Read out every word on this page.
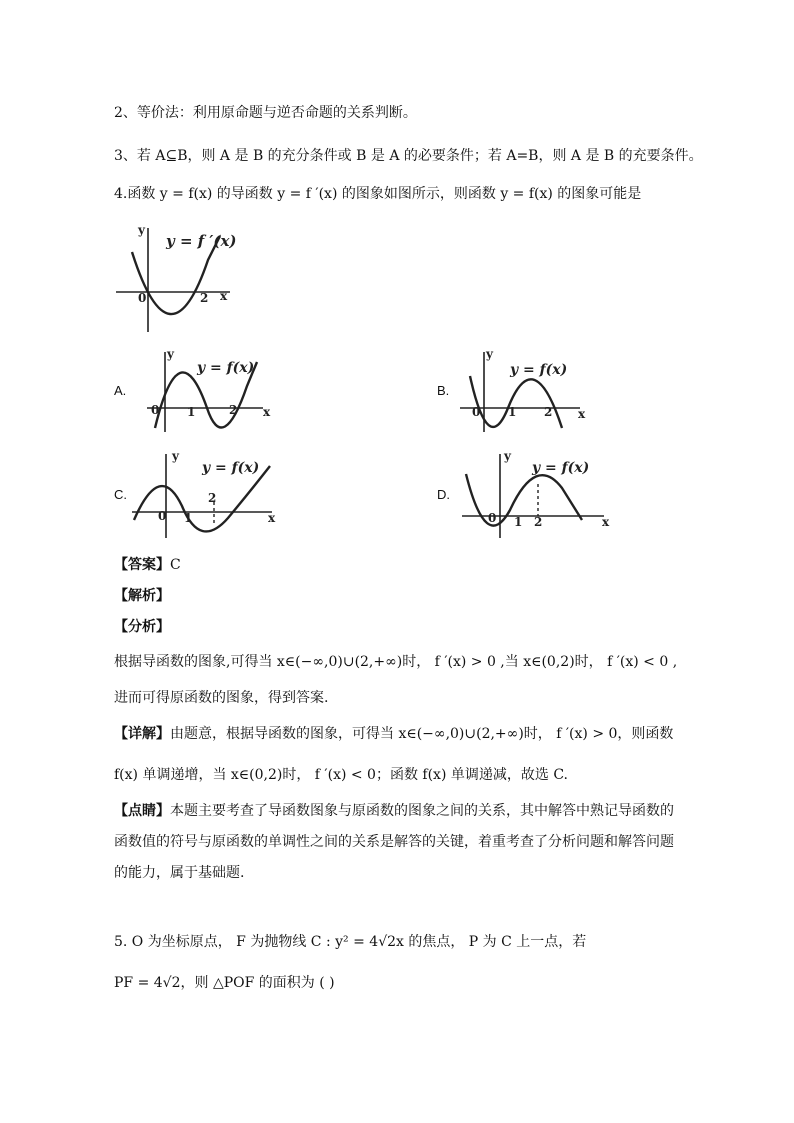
2、等价法：利用原命题与逆否命题的关系判断。
3、若 A⊆B，则 A 是 B 的充分条件或 B 是 A 的必要条件；若 A=B，则 A 是 B 的充要条件。
4.函数 y = f(x) 的导函数 y = f ′(x) 的图象如图所示，则函数 y = f(x) 的图象可能是
y
x
0	2
y = f ′(x)
A.
y
x
0 1	2
y = f(x)
B.
y
x
0 1 2
y = f(x)
C.
y
x
0 1
2
y = f(x)
D.
y
x
0 1 2
y = f(x)
【答案】C
【解析】
【分析】
根据导函数的图象,可得当 x∈(−∞,0)∪(2,+∞)时， f ′(x) > 0 ,当 x∈(0,2)时， f ′(x) < 0 ,
进而可得原函数的图象，得到答案.
【详解】由题意，根据导函数的图象，可得当 x∈(−∞,0)∪(2,+∞)时， f ′(x) > 0，则函数
f(x) 单调递增，当 x∈(0,2)时， f ′(x) < 0；函数 f(x) 单调递减，故选 C.
【点睛】本题主要考查了导函数图象与原函数的图象之间的关系，其中解答中熟记导函数的
函数值的符号与原函数的单调性之间的关系是解答的关键，着重考查了分析问题和解答问题
的能力，属于基础题.
5. O 为坐标原点， F 为抛物线 C : y² = 4√2x 的焦点， P 为 C 上一点，若
PF = 4√2，则 △POF 的面积为 ( )
